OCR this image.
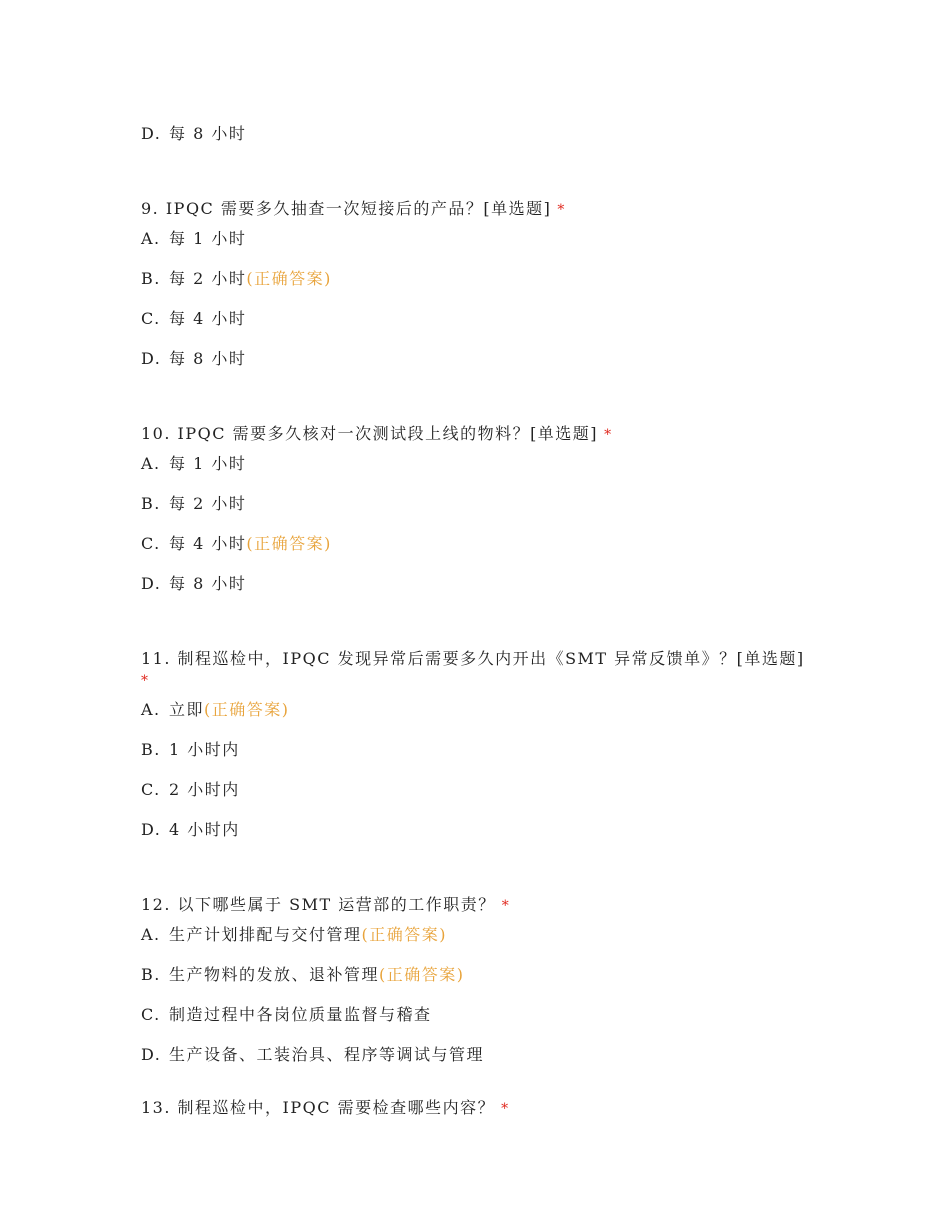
D. 每 8 小时
9. IPQC 需要多久抽查一次短接后的产品？[单选题] *
A. 每 1 小时
B. 每 2 小时(正确答案)
C. 每 4 小时
D. 每 8 小时
10. IPQC 需要多久核对一次测试段上线的物料？[单选题] *
A. 每 1 小时
B. 每 2 小时
C. 每 4 小时(正确答案)
D. 每 8 小时
11. 制程巡检中，IPQC 发现异常后需要多久内开出《SMT 异常反馈单》？[单选题]
*
A. 立即(正确答案)
B. 1 小时内
C. 2 小时内
D. 4 小时内
12. 以下哪些属于 SMT 运营部的工作职责？ *
A. 生产计划排配与交付管理(正确答案)
B. 生产物料的发放、退补管理(正确答案)
C. 制造过程中各岗位质量监督与稽查
D. 生产设备、工装治具、程序等调试与管理
13. 制程巡检中，IPQC 需要检查哪些内容？ *
